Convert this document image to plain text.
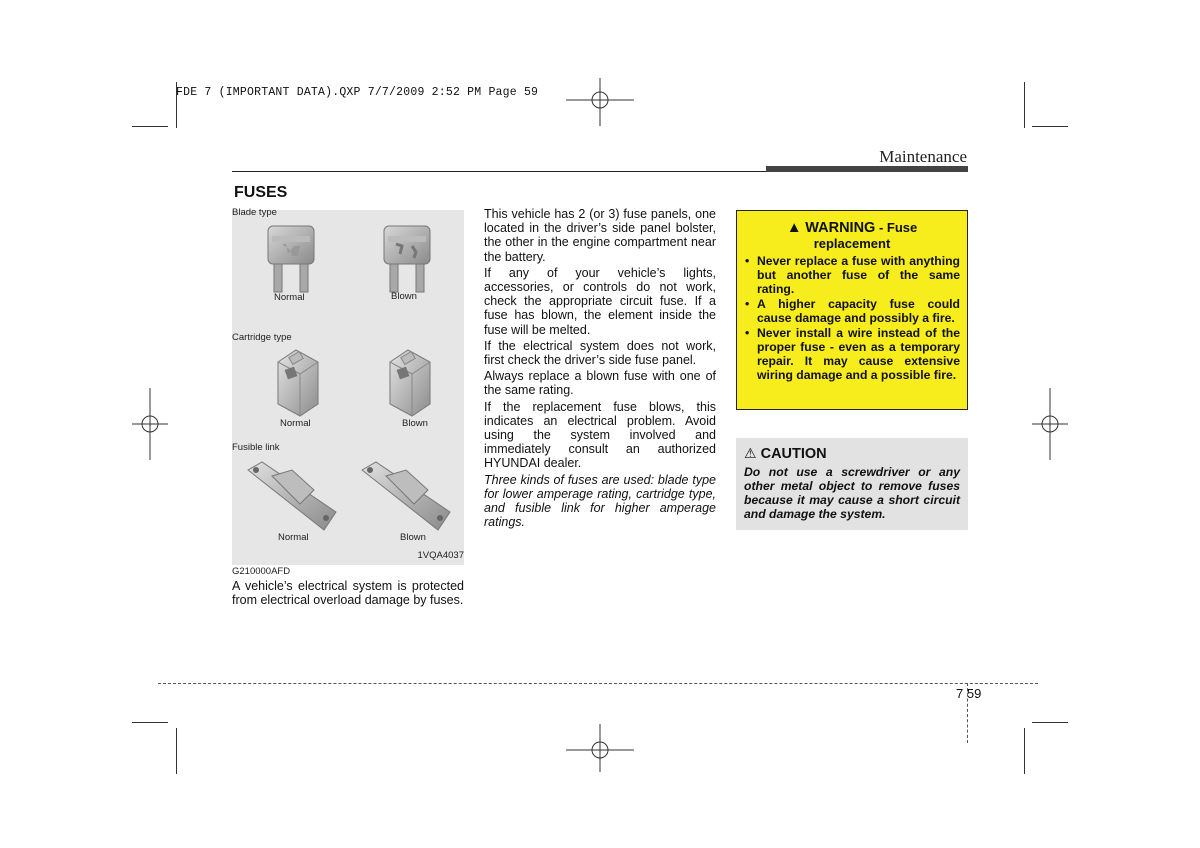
FDE 7 (IMPORTANT DATA).QXP 7/7/2009 2:52 PM Page 59
Maintenance
FUSES
Blade type
Normal	Blown
Cartridge type
Normal	Blown
Fusible link
Normal	Blown
1VQA4037
G210000AFD

A vehicle’s electrical system is protected from electrical overload damage by fuses.

This vehicle has 2 (or 3) fuse panels, one located in the driver’s side panel bolster, the other in the engine compartment near the battery.

If any of your vehicle’s lights, accessories, or controls do not work, check the appropriate circuit fuse. If a fuse has blown, the element inside the fuse will be melted.

If the electrical system does not work, first check the driver’s side fuse panel.

Always replace a blown fuse with one of the same rating.

If the replacement fuse blows, this indicates an electrical problem. Avoid using the system involved and immediately consult an authorized HYUNDAI dealer.

Three kinds of fuses are used: blade type for lower amperage rating, cartridge type, and fusible link for higher amperage ratings.

▲ WARNING - Fuse replacement
• Never replace a fuse with anything but another fuse of the same rating.
• A higher capacity fuse could cause damage and possibly a fire.
• Never install a wire instead of the proper fuse - even as a temporary repair. It may cause extensive wiring damage and a possible fire.
⚠ CAUTION

Do not use a screwdriver or any other metal object to remove fuses because it may cause a short circuit and damage the system.

7 59
